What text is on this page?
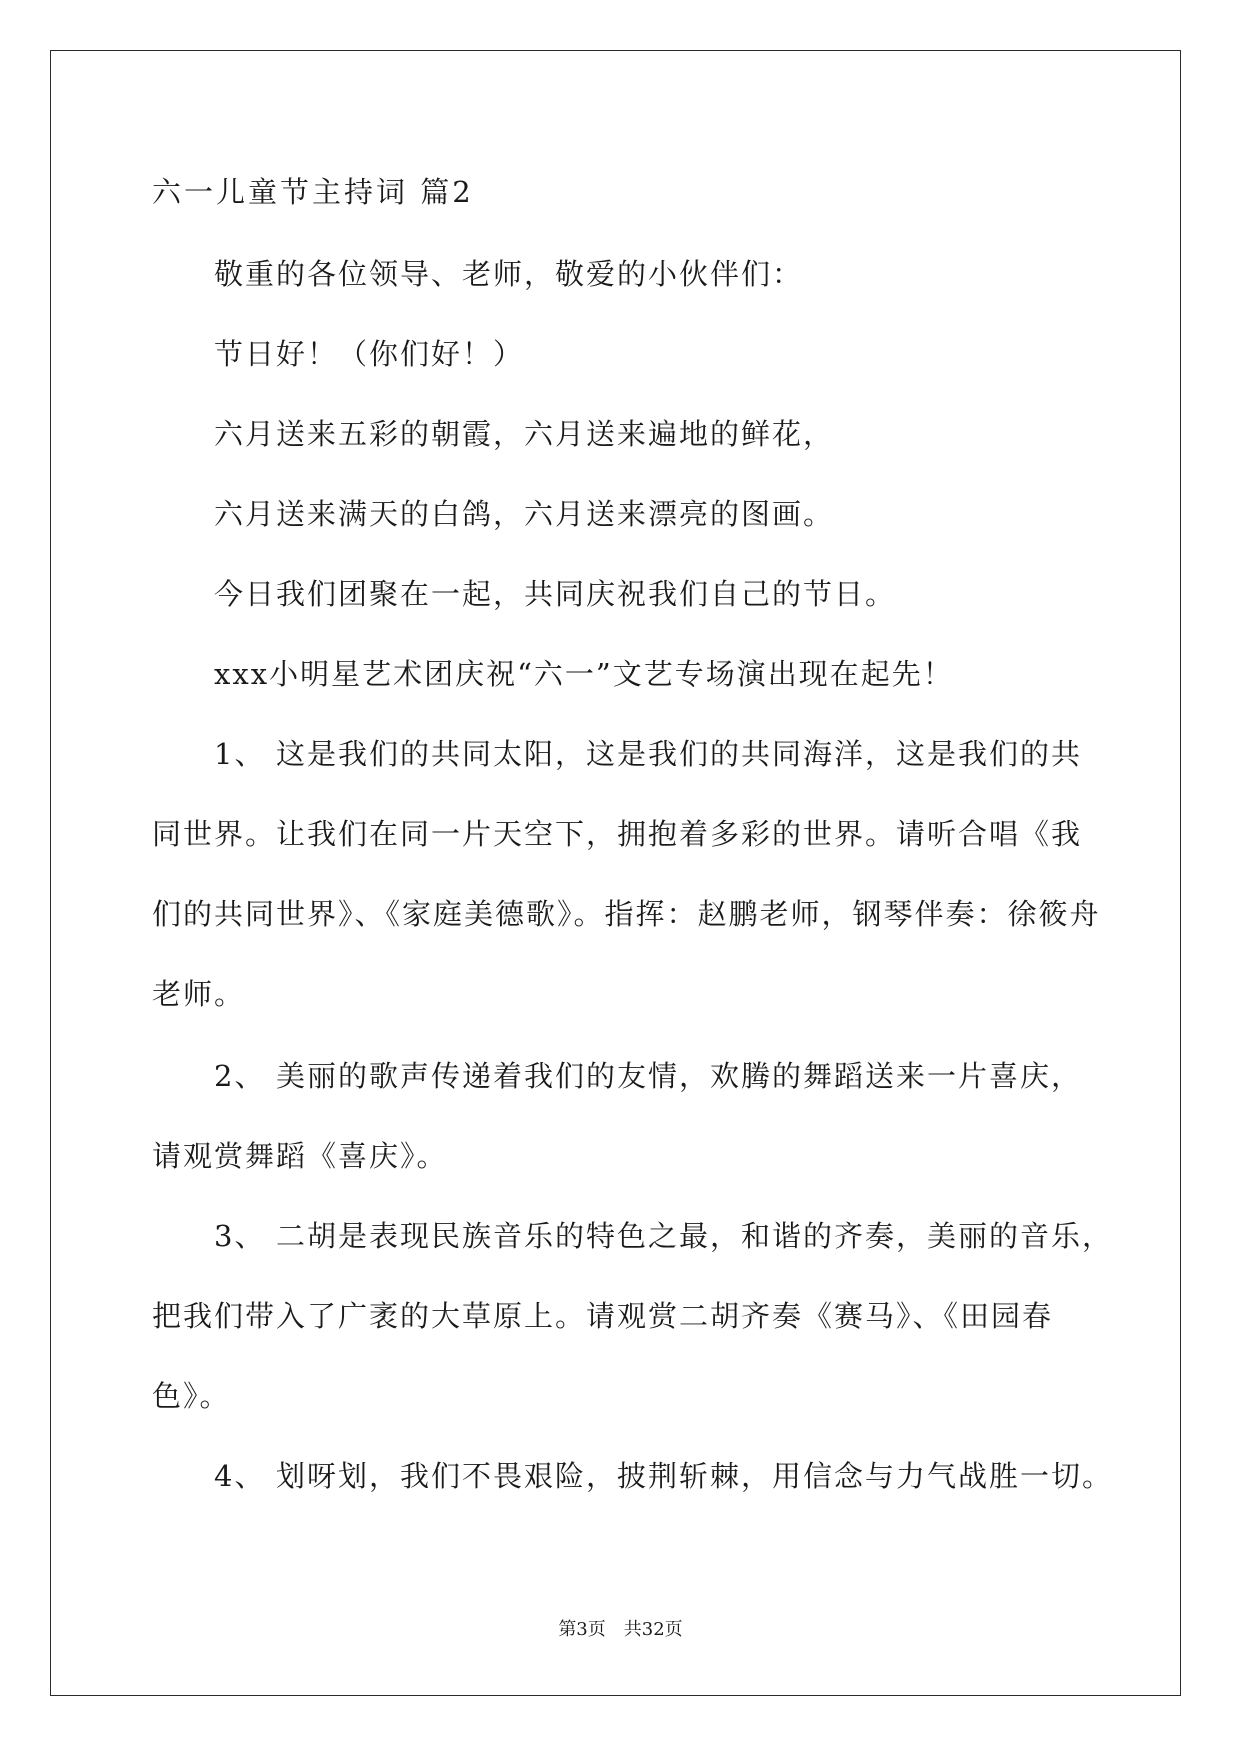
六一儿童节主持词 篇2
敬重的各位领导、老师，敬爱的小伙伴们：
节日好！（你们好！）
六月送来五彩的朝霞，六月送来遍地的鲜花，
六月送来满天的白鸽，六月送来漂亮的图画。
今日我们团聚在一起，共同庆祝我们自己的节日。
xxx小明星艺术团庆祝“六一”文艺专场演出现在起先！
1、 这是我们的共同太阳，这是我们的共同海洋，这是我们的共
同世界。让我们在同一片天空下，拥抱着多彩的世界。请听合唱《我
们的共同世界》、《家庭美德歌》。指挥：赵鹏老师，钢琴伴奏：徐筱舟
老师。
2、 美丽的歌声传递着我们的友情，欢腾的舞蹈送来一片喜庆，
请观赏舞蹈《喜庆》。
3、 二胡是表现民族音乐的特色之最，和谐的齐奏，美丽的音乐，
把我们带入了广袤的大草原上。请观赏二胡齐奏《赛马》、《田园春
色》。
4、 划呀划，我们不畏艰险，披荆斩棘，用信念与力气战胜一切。
第3页  共32页
